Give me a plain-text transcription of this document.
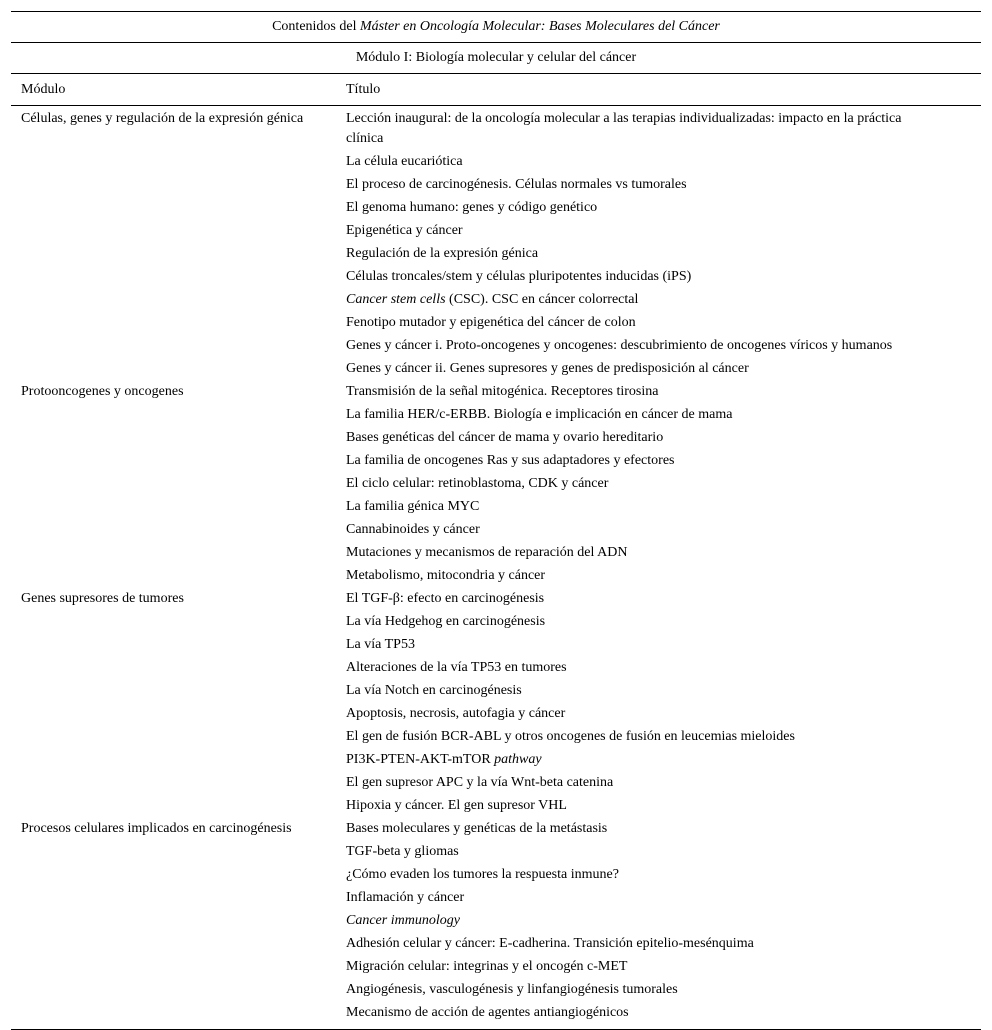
Contenidos del Máster en Oncología Molecular: Bases Moleculares del Cáncer
Módulo I: Biología molecular y celular del cáncer
Módulo	Título
Células, genes y regulación de la expresión génica	Lección inaugural: de la oncología molecular a las terapias individualizadas: impacto en la práctica clínica
	La célula eucariótica
	El proceso de carcinogénesis. Células normales vs tumorales
	El genoma humano: genes y código genético
	Epigenética y cáncer
	Regulación de la expresión génica
	Células troncales/stem y células pluripotentes inducidas (iPS)
	Cancer stem cells (CSC). CSC en cáncer colorrectal
	Fenotipo mutador y epigenética del cáncer de colon
	Genes y cáncer i. Proto-oncogenes y oncogenes: descubrimiento de oncogenes víricos y humanos
	Genes y cáncer ii. Genes supresores y genes de predisposición al cáncer
Protooncogenes y oncogenes	Transmisión de la señal mitogénica. Receptores tirosina
	La familia HER/c-ERBB. Biología e implicación en cáncer de mama
	Bases genéticas del cáncer de mama y ovario hereditario
	La familia de oncogenes Ras y sus adaptadores y efectores
	El ciclo celular: retinoblastoma, CDK y cáncer
	La familia génica MYC
	Cannabinoides y cáncer
	Mutaciones y mecanismos de reparación del ADN
	Metabolismo, mitocondria y cáncer
Genes supresores de tumores	El TGF-β: efecto en carcinogénesis
	La vía Hedgehog en carcinogénesis
	La vía TP53
	Alteraciones de la vía TP53 en tumores
	La vía Notch en carcinogénesis
	Apoptosis, necrosis, autofagia y cáncer
	El gen de fusión BCR-ABL y otros oncogenes de fusión en leucemias mieloides
	PI3K-PTEN-AKT-mTOR pathway
	El gen supresor APC y la vía Wnt-beta catenina
	Hipoxia y cáncer. El gen supresor VHL
Procesos celulares implicados en carcinogénesis	Bases moleculares y genéticas de la metástasis
	TGF-beta y gliomas
	¿Cómo evaden los tumores la respuesta inmune?
	Inflamación y cáncer
	Cancer immunology
	Adhesión celular y cáncer: E-cadherina. Transición epitelio-mesénquima
	Migración celular: integrinas y el oncogén c-MET
	Angiogénesis, vasculogénesis y linfangiogénesis tumorales
	Mecanismo de acción de agentes antiangiogénicos
